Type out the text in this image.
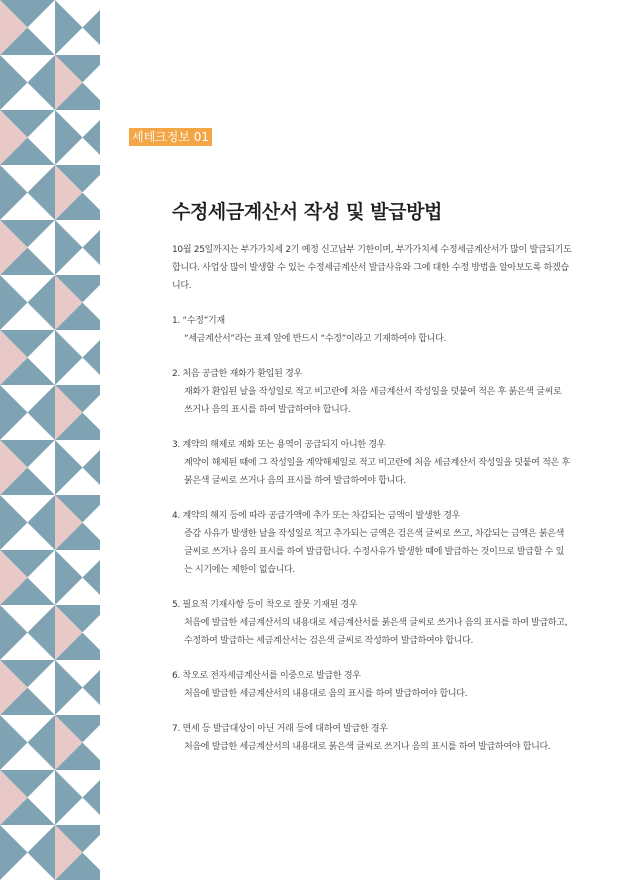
세테크정보 01
수정세금계산서 작성 및 발급방법

10월 25일까지는 부가가치세 2기 예정 신고납부 기한이며, 부가가치세 수정세금계산서가 많이 발급되기도 합니다. 사업상 많이 발생할 수 있는 수정세금계산서 발급사유와 그에 대한 수정 방법을 알아보도록 하겠습니다.

1. “수정”기재

“세금계산서”라는 표제 앞에 반드시 “수정”이라고 기재하여야 합니다.

2. 처음 공급한 재화가 환입된 경우

재화가 환입된 날을 작성일로 적고 비고란에 처음 세금계산서 작성일을 덧붙여 적은 후 붉은색 글씨로 쓰거나 음의 표시를 하여 발급하여야 합니다.

3. 계약의 해제로 재화 또는 용역이 공급되지 아니한 경우

계약이 해제된 때에 그 작성일을 계약해제일로 적고 비고란에 처음 세금계산서 작성일을 덧붙여 적은 후 붉은색 글씨로 쓰거나 음의 표시를 하여 발급하여야 합니다.

4. 계약의 해지 등에 따라 공급가액에 추가 또는 차감되는 금액이 발생한 경우

증감 사유가 발생한 날을 작성일로 적고 추가되는 금액은 검은색 글씨로 쓰고, 차감되는 금액은 붉은색 글씨로 쓰거나 음의 표시를 하여 발급합니다. 수정사유가 발생한 때에 발급하는 것이므로 발급할 수 있는 시기에는 제한이 없습니다.

5. 필요적 기재사항 등이 착오로 잘못 기재된 경우

처음에 발급한 세금계산서의 내용대로 세금계산서를 붉은색 글씨로 쓰거나 음의 표시를 하여 발급하고, 수정하여 발급하는 세금계산서는 검은색 글씨로 작성하여 발급하여야 합니다.

6. 착오로 전자세금계산서를 이중으로 발급한 경우

처음에 발급한 세금계산서의 내용대로 음의 표시를 하여 발급하여야 합니다.

7. 면세 등 발급대상이 아닌 거래 등에 대하여 발급한 경우

처음에 발급한 세금계산서의 내용대로 붉은색 글씨로 쓰거나 음의 표시를 하여 발급하여야 합니다.
